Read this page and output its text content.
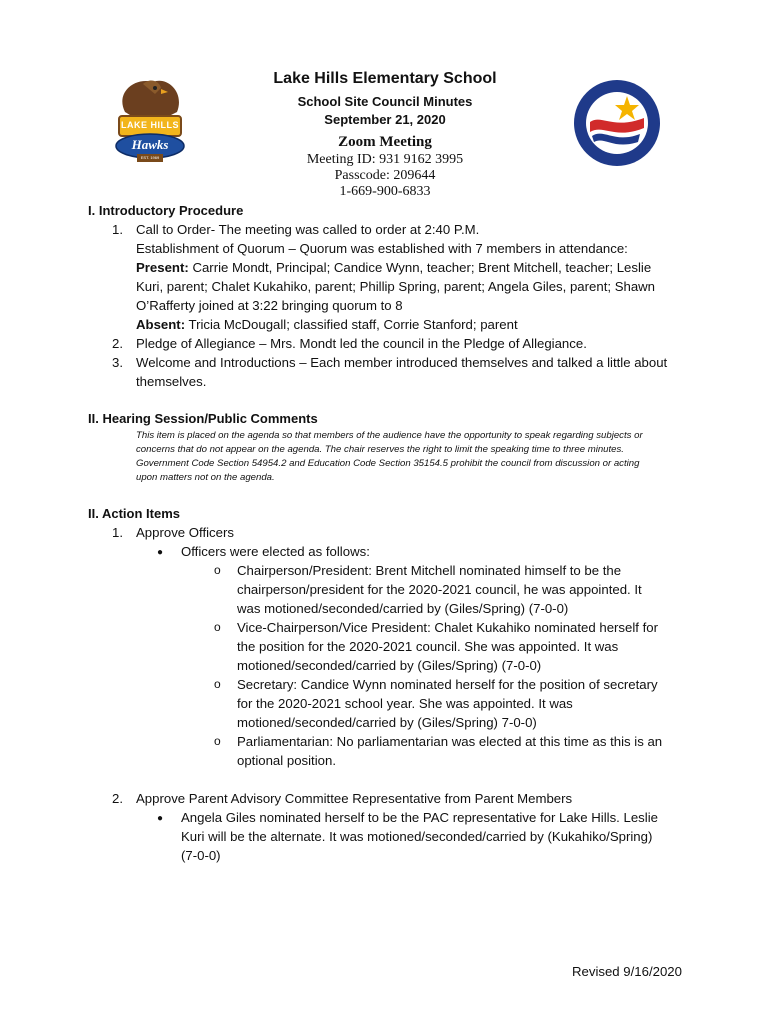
LAKE HILLS
Hawks
EST. 1969
Lake Hills Elementary School
School Site Council Minutes
September 21, 2020
Zoom Meeting
Meeting ID: 931 9162 3995
Passcode: 209644
1-669-900-6833
I. Introductory Procedure
1. Call to Order- The meeting was called to order at 2:40 P.M.
Establishment of Quorum – Quorum was established with 7 members in attendance:
Present: Carrie Mondt, Principal; Candice Wynn, teacher; Brent Mitchell, teacher; Leslie
Kuri, parent; Chalet Kukahiko, parent; Phillip Spring, parent; Angela Giles, parent; Shawn
O’Rafferty joined at 3:22 bringing quorum to 8
Absent: Tricia McDougall; classified staff, Corrie Stanford; parent
2. Pledge of Allegiance – Mrs. Mondt led the council in the Pledge of Allegiance.
3. Welcome and Introductions – Each member introduced themselves and talked a little about
themselves.
II. Hearing Session/Public Comments
This item is placed on the agenda so that members of the audience have the opportunity to speak regarding subjects or
concerns that do not appear on the agenda. The chair reserves the right to limit the speaking time to three minutes.
Government Code Section 54954.2 and Education Code Section 35154.5 prohibit the council from discussion or acting
upon matters not on the agenda.
II. Action Items
1. Approve Officers
● Officers were elected as follows:
o Chairperson/President: Brent Mitchell nominated himself to be the
chairperson/president for the 2020-2021 council, he was appointed. It
was motioned/seconded/carried by (Giles/Spring) (7-0-0)
o Vice-Chairperson/Vice President: Chalet Kukahiko nominated herself for
the position for the 2020-2021 council. She was appointed. It was
motioned/seconded/carried by (Giles/Spring) (7-0-0)
o Secretary: Candice Wynn nominated herself for the position of secretary
for the 2020-2021 school year. She was appointed. It was
motioned/seconded/carried by (Giles/Spring) 7-0-0)
o Parliamentarian: No parliamentarian was elected at this time as this is an
optional position.
2. Approve Parent Advisory Committee Representative from Parent Members
● Angela Giles nominated herself to be the PAC representative for Lake Hills. Leslie
Kuri will be the alternate. It was motioned/seconded/carried by (Kukahiko/Spring)
(7-0-0)
Revised 9/16/2020
